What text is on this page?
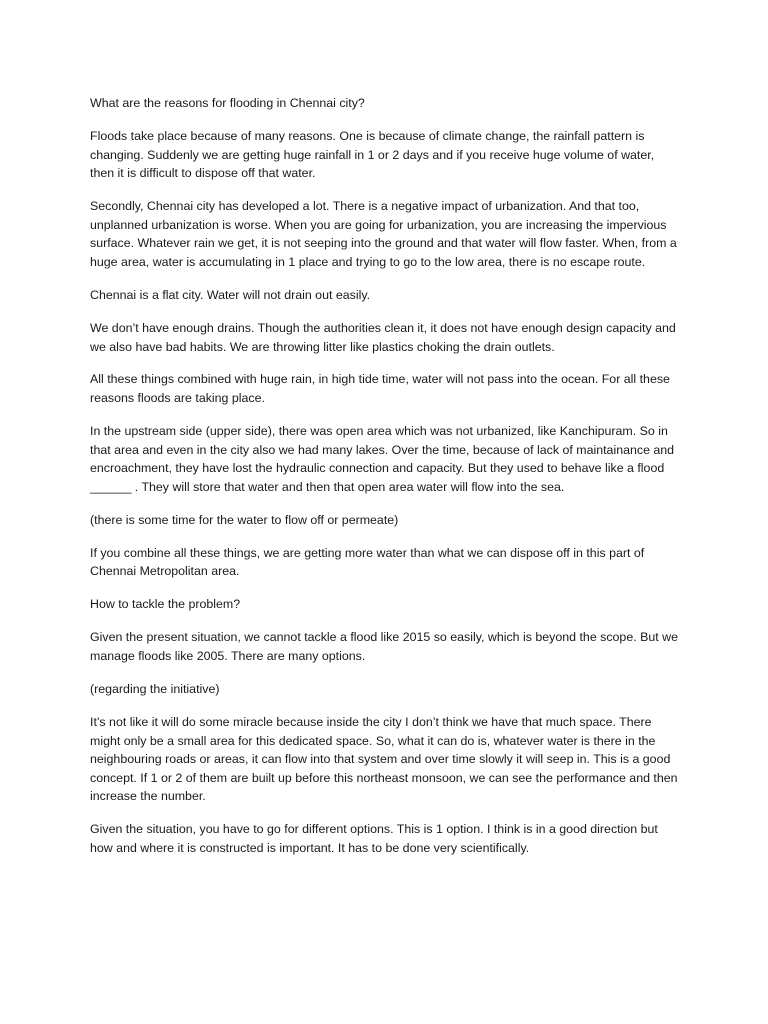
What are the reasons for flooding in Chennai city?

Floods take place because of many reasons. One is because of climate change, the rainfall pattern is changing. Suddenly we are getting huge rainfall in 1 or 2 days and if you receive huge volume of water, then it is difficult to dispose off that water.

Secondly, Chennai city has developed a lot. There is a negative impact of urbanization. And that too, unplanned urbanization is worse. When you are going for urbanization, you are increasing the impervious surface. Whatever rain we get, it is not seeping into the ground and that water will flow faster. When, from a huge area, water is accumulating in 1 place and trying to go to the low area, there is no escape route.

Chennai is a flat city. Water will not drain out easily.

We don’t have enough drains. Though the authorities clean it, it does not have enough design capacity and we also have bad habits. We are throwing litter like plastics choking the drain outlets.

All these things combined with huge rain, in high tide time, water will not pass into the ocean. For all these reasons floods are taking place.

In the upstream side (upper side), there was open area which was not urbanized, like Kanchipuram. So in that area and even in the city also we had many lakes. Over the time, because of lack of maintainance and encroachment, they have lost the hydraulic connection and capacity. But they used to behave like a flood ______ . They will store that water and then that open area water will flow into the sea.

(there is some time for the water to flow off or permeate)

If you combine all these things, we are getting more water than what we can dispose off in this part of Chennai Metropolitan area.

How to tackle the problem?

Given the present situation, we cannot tackle a flood like 2015 so easily, which is beyond the scope. But we manage floods like 2005. There are many options.

(regarding the initiative)

It’s not like it will do some miracle because inside the city I don’t think we have that much space. There might only be a small area for this dedicated space. So, what it can do is, whatever water is there in the neighbouring roads or areas, it can flow into that system and over time slowly it will seep in. This is a good concept. If 1 or 2 of them are built up before this northeast monsoon, we can see the performance and then increase the number.

Given the situation, you have to go for different options. This is 1 option. I think is in a good direction but how and where it is constructed is important. It has to be done very scientifically.
